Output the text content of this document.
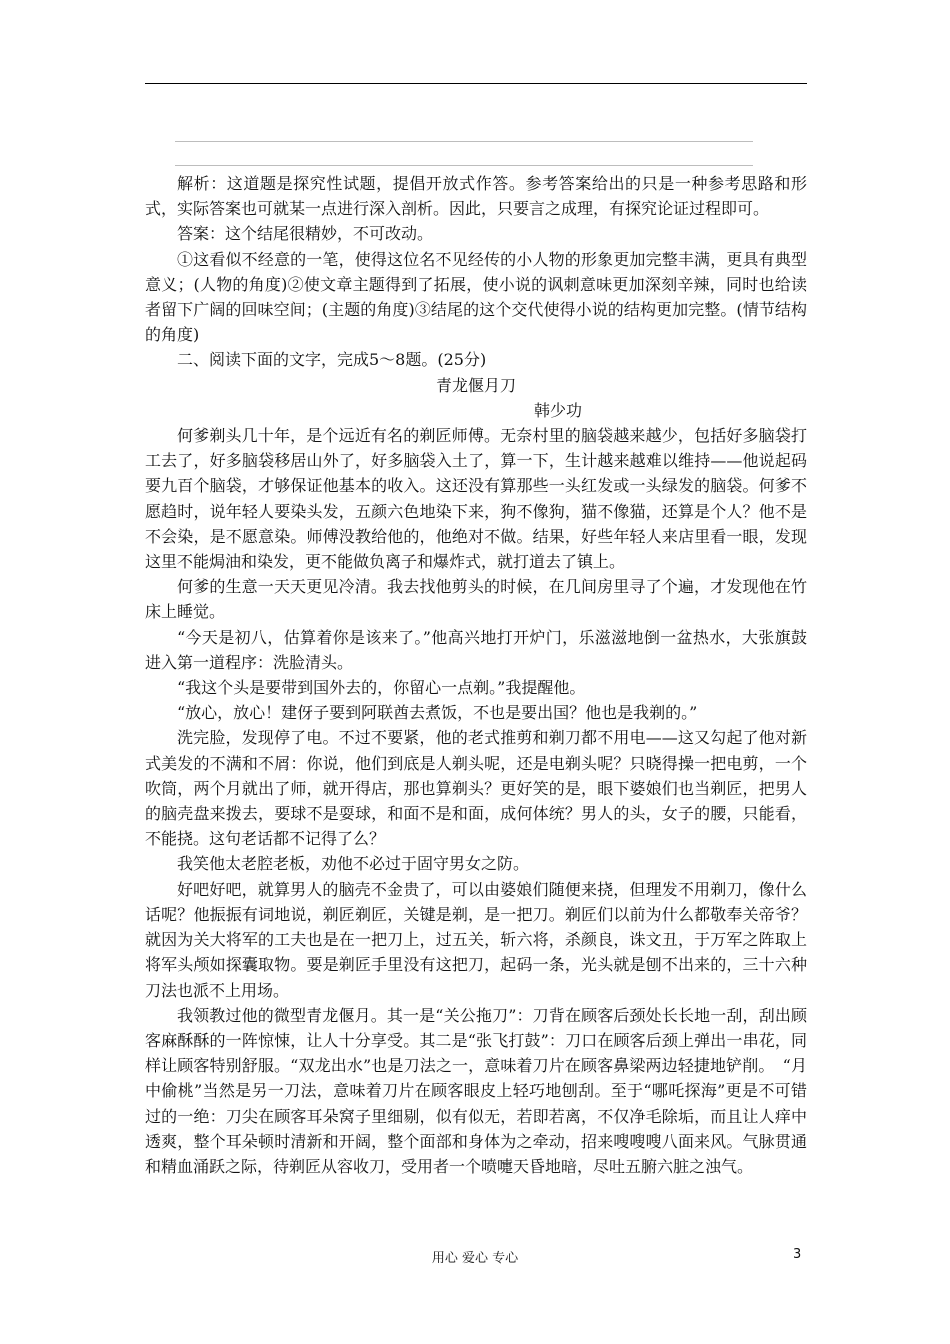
解析：这道题是探究性试题，提倡开放式作答。参考答案给出的只是一种参考思路和形式，实际答案也可就某一点进行深入剖析。因此，只要言之成理，有探究论证过程即可。

答案：这个结尾很精妙，不可改动。

①这看似不经意的一笔，使得这位名不见经传的小人物的形象更加完整丰满，更具有典型意义；(人物的角度)②使文章主题得到了拓展，使小说的讽刺意味更加深刻辛辣，同时也给读者留下广阔的回味空间；(主题的角度)③结尾的这个交代使得小说的结构更加完整。(情节结构的角度)

二、阅读下面的文字，完成5～8题。(25分)

青龙偃月刀

韩少功

何爹剃头几十年，是个远近有名的剃匠师傅。无奈村里的脑袋越来越少，包括好多脑袋打工去了，好多脑袋移居山外了，好多脑袋入土了，算一下，生计越来越难以维持——他说起码要九百个脑袋，才够保证他基本的收入。这还没有算那些一头红发或一头绿发的脑袋。何爹不愿趋时，说年轻人要染头发，五颜六色地染下来，狗不像狗，猫不像猫，还算是个人？他不是不会染，是不愿意染。师傅没教给他的，他绝对不做。结果，好些年轻人来店里看一眼，发现这里不能焗油和染发，更不能做负离子和爆炸式，就打道去了镇上。

何爹的生意一天天更见冷清。我去找他剪头的时候，在几间房里寻了个遍，才发现他在竹床上睡觉。

“今天是初八，估算着你是该来了。”他高兴地打开炉门，乐滋滋地倒一盆热水，大张旗鼓进入第一道程序：洗脸清头。

“我这个头是要带到国外去的，你留心一点剃。”我提醒他。

“放心，放心！建伢子要到阿联酋去煮饭，不也是要出国？他也是我剃的。”

洗完脸，发现停了电。不过不要紧，他的老式推剪和剃刀都不用电——这又勾起了他对新式美发的不满和不屑：你说，他们到底是人剃头呢，还是电剃头呢？只晓得操一把电剪，一个吹筒，两个月就出了师，就开得店，那也算剃头？更好笑的是，眼下婆娘们也当剃匠，把男人的脑壳盘来拨去，要球不是耍球，和面不是和面，成何体统？男人的头，女子的腰，只能看，不能挠。这句老话都不记得了么？

我笑他太老腔老板，劝他不必过于固守男女之防。

好吧好吧，就算男人的脑壳不金贵了，可以由婆娘们随便来挠，但理发不用剃刀，像什么话呢？他振振有词地说，剃匠剃匠，关键是剃，是一把刀。剃匠们以前为什么都敬奉关帝爷？就因为关大将军的工夫也是在一把刀上，过五关，斩六将，杀颜良，诛文丑，于万军之阵取上将军头颅如探囊取物。要是剃匠手里没有这把刀，起码一条，光头就是刨不出来的，三十六种刀法也派不上用场。

我领教过他的微型青龙偃月。其一是“关公拖刀”：刀背在顾客后颈处长长地一刮，刮出顾客麻酥酥的一阵惊悚，让人十分享受。其二是“张飞打鼓”：刀口在顾客后颈上弹出一串花，同样让顾客特别舒服。“双龙出水”也是刀法之一，意味着刀片在顾客鼻梁两边轻捷地铲削。　“月中偷桃”当然是另一刀法，意味着刀片在顾客眼皮上轻巧地刨刮。至于“哪吒探海”更是不可错过的一绝：刀尖在顾客耳朵窝子里细剔，似有似无，若即若离，不仅净毛除垢，而且让人痒中透爽，整个耳朵顿时清新和开阔，整个面部和身体为之牵动，招来嗖嗖嗖八面来风。气脉贯通和精血涌跃之际，待剃匠从容收刀，受用者一个喷嚏天昏地暗，尽吐五腑六脏之浊气。

用心 爱心 专心	3
